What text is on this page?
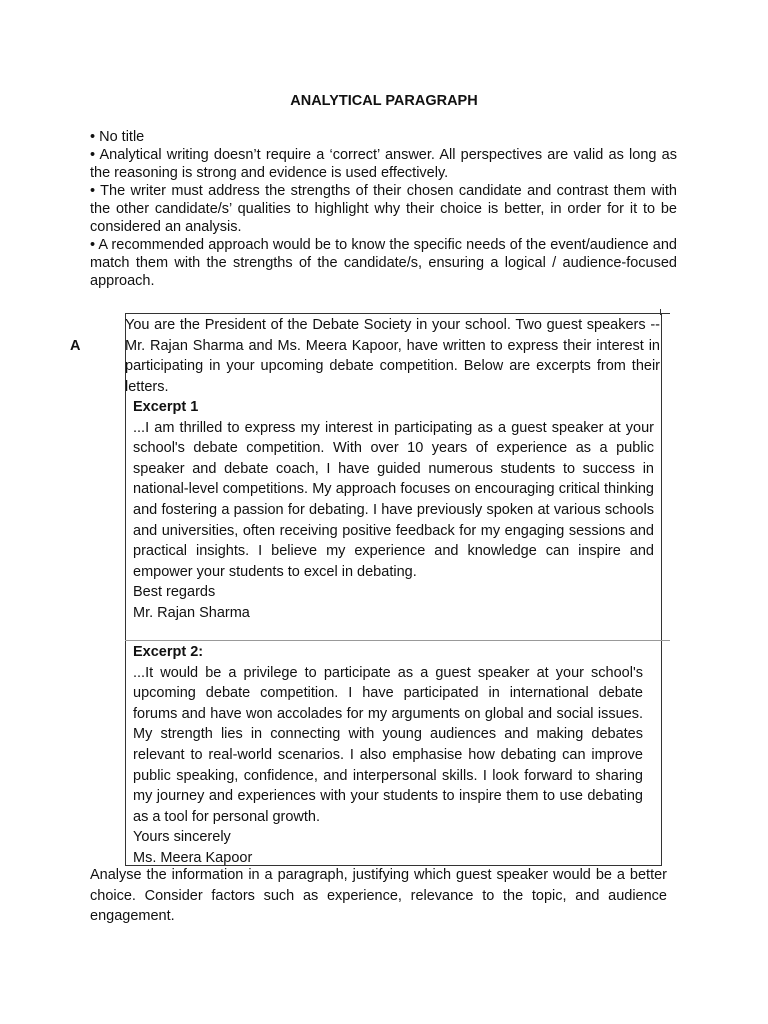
ANALYTICAL PARAGRAPH

• No title

• Analytical writing doesn’t require a ‘correct’ answer. All perspectives are valid as long as the reasoning is strong and evidence is used effectively.

• The writer must address the strengths of their chosen candidate and contrast them with the other candidate/s’ qualities to highlight why their choice is better, in order for it to be considered an analysis.

• A recommended approach would be to know the specific needs of the event/audience and match them with the strengths of the candidate/s, ensuring a logical / audience-focused approach.

A

You are the President of the Debate Society in your school. Two guest speakers --Mr. Rajan Sharma and Ms. Meera Kapoor, have written to express their interest in participating in your upcoming debate competition. Below are excerpts from their letters.

Excerpt 1

...I am thrilled to express my interest in participating as a guest speaker at your school's debate competition. With over 10 years of experience as a public speaker and debate coach, I have guided numerous students to success in national-level competitions. My approach focuses on encouraging critical thinking and fostering a passion for debating. I have previously spoken at various schools and universities, often receiving positive feedback for my engaging sessions and practical insights. I believe my experience and knowledge can inspire and empower your students to excel in debating.

Best regards

Mr. Rajan Sharma

Excerpt 2:

...It would be a privilege to participate as a guest speaker at your school's upcoming debate competition. I have participated in international debate forums and have won accolades for my arguments on global and social issues. My strength lies in connecting with young audiences and making debates relevant to real-world scenarios. I also emphasise how debating can improve public speaking, confidence, and interpersonal skills. I look forward to sharing my journey and experiences with your students to inspire them to use debating as a tool for personal growth.

Yours sincerely

Ms. Meera Kapoor

Analyse the information in a paragraph, justifying which guest speaker would be a better choice. Consider factors such as experience, relevance to the topic, and audience engagement.
